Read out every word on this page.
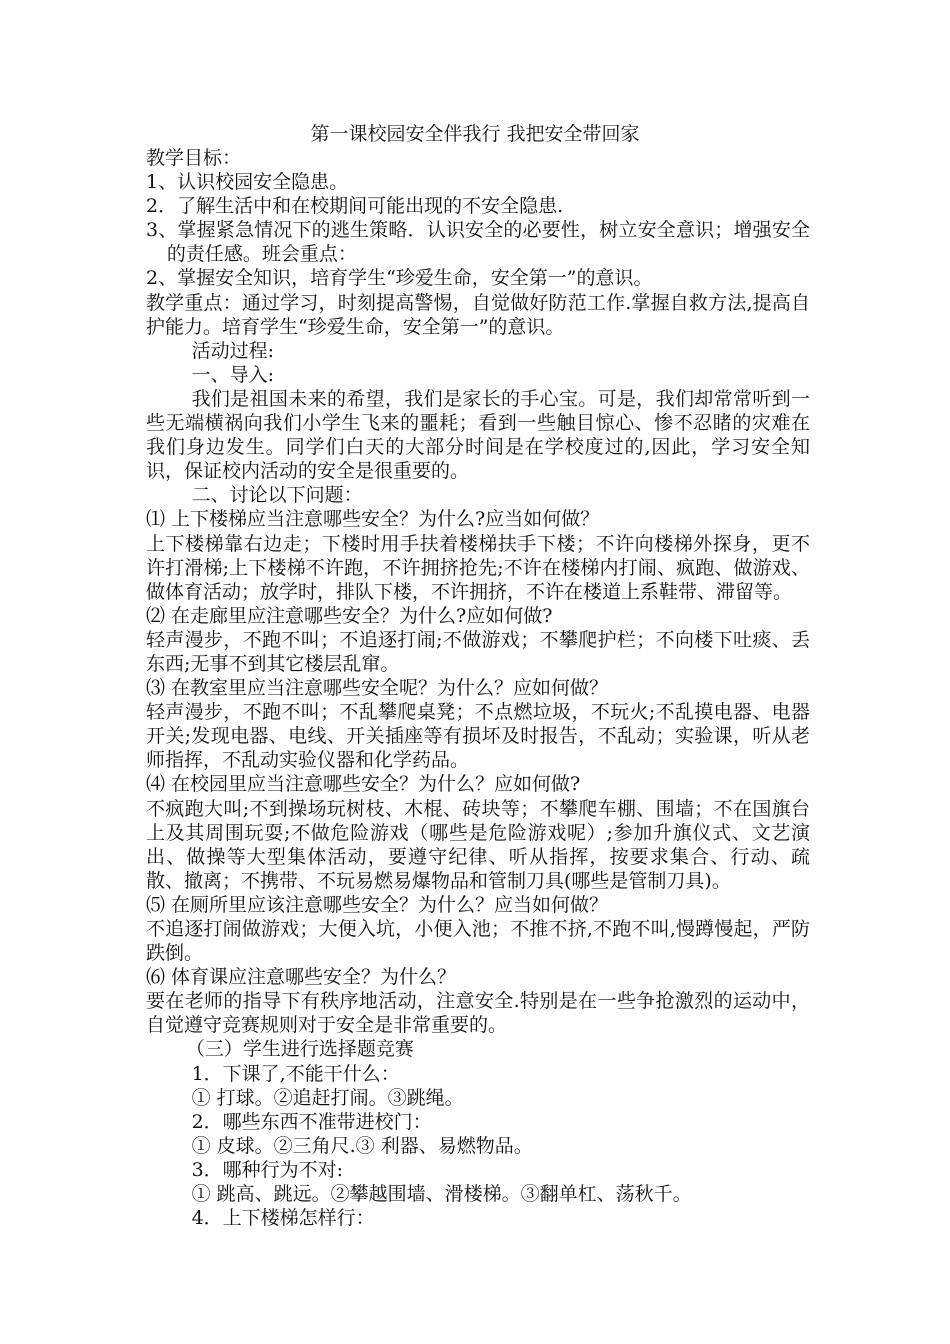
第一课校园安全伴我行 我把安全带回家

教学目标：

1、认识校园安全隐患。

2．了解生活中和在校期间可能出现的不安全隐患.

3、掌握紧急情况下的逃生策略．认识安全的必要性，树立安全意识；增强安全的责任感。班会重点：

2、掌握安全知识，培育学生“珍爱生命，安全第一”的意识。

教学重点：通过学习，时刻提高警惕，自觉做好防范工作.掌握自救方法,提高自护能力。培育学生“珍爱生命，安全第一”的意识。

活动过程:

一、导入:

我们是祖国未来的希望，我们是家长的手心宝。可是，我们却常常听到一些无端横祸向我们小学生飞来的噩耗；看到一些触目惊心、惨不忍睹的灾难在我们身边发生。同学们白天的大部分时间是在学校度过的,因此，学习安全知识，保证校内活动的安全是很重要的。

二、讨论以下问题：

⑴ 上下楼梯应当注意哪些安全？为什么?应当如何做？

上下楼梯靠右边走；下楼时用手扶着楼梯扶手下楼；不许向楼梯外探身，更不许打滑梯;上下楼梯不许跑，不许拥挤抢先;不许在楼梯内打闹、疯跑、做游戏、做体育活动；放学时，排队下楼，不许拥挤，不许在楼道上系鞋带、滞留等。

⑵ 在走廊里应注意哪些安全？为什么?应如何做?

轻声漫步，不跑不叫；不追逐打闹;不做游戏；不攀爬护栏；不向楼下吐痰、丢东西;无事不到其它楼层乱窜。

⑶ 在教室里应当注意哪些安全呢？为什么？应如何做？

轻声漫步，不跑不叫；不乱攀爬桌凳；不点燃垃圾，不玩火;不乱摸电器、电器开关;发现电器、电线、开关插座等有损坏及时报告，不乱动；实验课，听从老师指挥，不乱动实验仪器和化学药品。

⑷ 在校园里应当注意哪些安全？为什么？应如何做?

不疯跑大叫;不到操场玩树枝、木棍、砖块等；不攀爬车棚、围墙；不在国旗台上及其周围玩耍;不做危险游戏（哪些是危险游戏呢）;参加升旗仪式、文艺演出、做操等大型集体活动，要遵守纪律、听从指挥，按要求集合、行动、疏散、撤离；不携带、不玩易燃易爆物品和管制刀具(哪些是管制刀具)。

⑸ 在厕所里应该注意哪些安全？为什么？应当如何做？

不追逐打闹做游戏；大便入坑，小便入池；不推不挤,不跑不叫,慢蹲慢起，严防跌倒。

⑹ 体育课应注意哪些安全？为什么？

要在老师的指导下有秩序地活动，注意安全.特别是在一些争抢激烈的运动中，自觉遵守竞赛规则对于安全是非常重要的。

（三）学生进行选择题竞赛

1．下课了,不能干什么：

① 打球。②追赶打闹。③跳绳。

2．哪些东西不准带进校门：

① 皮球。②三角尺.③ 利器、易燃物品。

3．哪种行为不对:

① 跳高、跳远。②攀越围墙、滑楼梯。③翻单杠、荡秋千。

4．上下楼梯怎样行：
